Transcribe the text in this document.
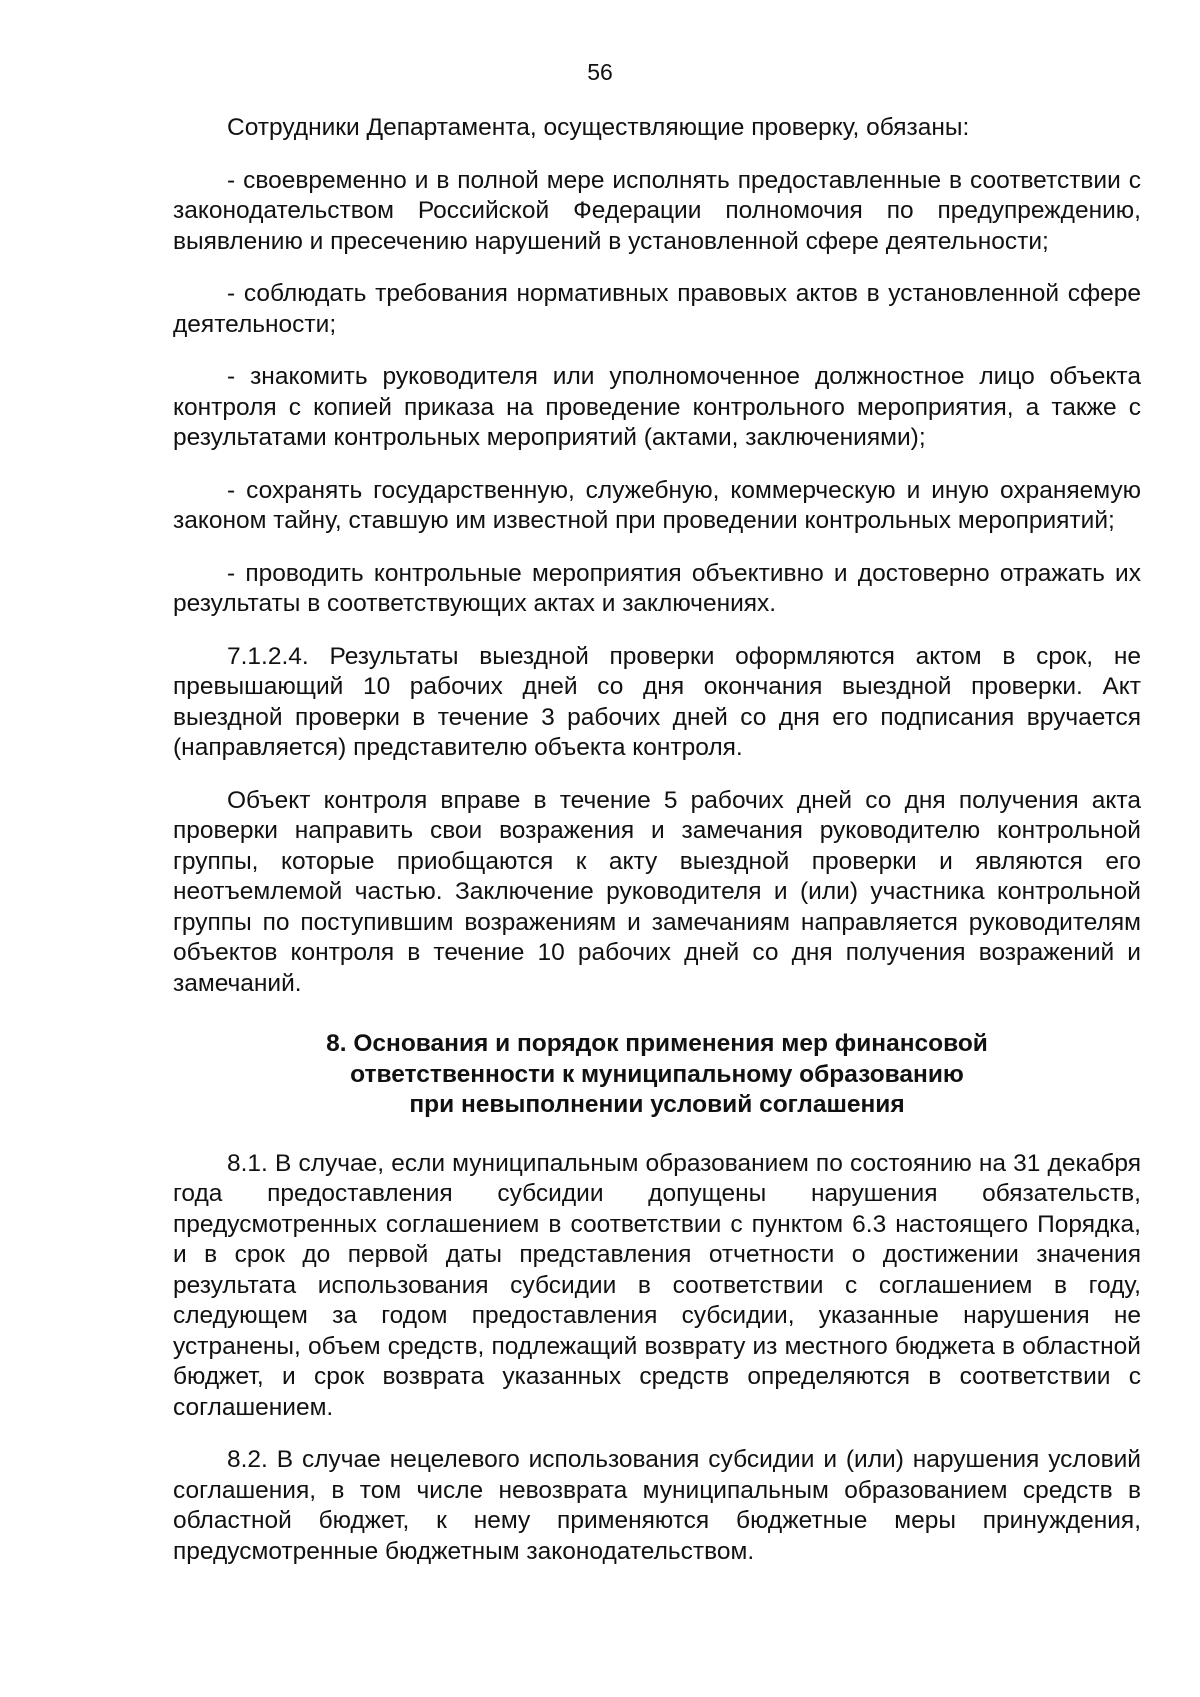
56

Сотрудники Департамента, осуществляющие проверку, обязаны:

- своевременно и в полной мере исполнять предоставленные в соответствии с законодательством Российской Федерации полномочия по предупреждению, выявлению и пресечению нарушений в установленной сфере деятельности;

- соблюдать требования нормативных правовых актов в установленной сфере деятельности;

- знакомить руководителя или уполномоченное должностное лицо объекта контроля с копией приказа на проведение контрольного мероприятия, а также с результатами контрольных мероприятий (актами, заключениями);

- сохранять государственную, служебную, коммерческую и иную охраняемую законом тайну, ставшую им известной при проведении контрольных мероприятий;

- проводить контрольные мероприятия объективно и достоверно отражать их результаты в соответствующих актах и заключениях.

7.1.2.4. Результаты выездной проверки оформляются актом в срок, не превышающий 10 рабочих дней со дня окончания выездной проверки. Акт выездной проверки в течение 3 рабочих дней со дня его подписания вручается (направляется) представителю объекта контроля.

Объект контроля вправе в течение 5 рабочих дней со дня получения акта проверки направить свои возражения и замечания руководителю контрольной группы, которые приобщаются к акту выездной проверки и являются его неотъемлемой частью. Заключение руководителя и (или) участника контрольной группы по поступившим возражениям и замечаниям направляется руководителям объектов контроля в течение 10 рабочих дней со дня получения возражений и замечаний.

8. Основания и порядок применения мер финансовой
ответственности к муниципальному образованию
при невыполнении условий соглашения

8.1. В случае, если муниципальным образованием по состоянию на 31 декабря года предоставления субсидии допущены нарушения обязательств, предусмотренных соглашением в соответствии с пунктом 6.3 настоящего Порядка, и в срок до первой даты представления отчетности о достижении значения результата использования субсидии в соответствии с соглашением в году, следующем за годом предоставления субсидии, указанные нарушения не устранены, объем средств, подлежащий возврату из местного бюджета в областной бюджет, и срок возврата указанных средств определяются в соответствии с соглашением.

8.2. В случае нецелевого использования субсидии и (или) нарушения условий соглашения, в том числе невозврата муниципальным образованием средств в областной бюджет, к нему применяются бюджетные меры принуждения, предусмотренные бюджетным законодательством.
